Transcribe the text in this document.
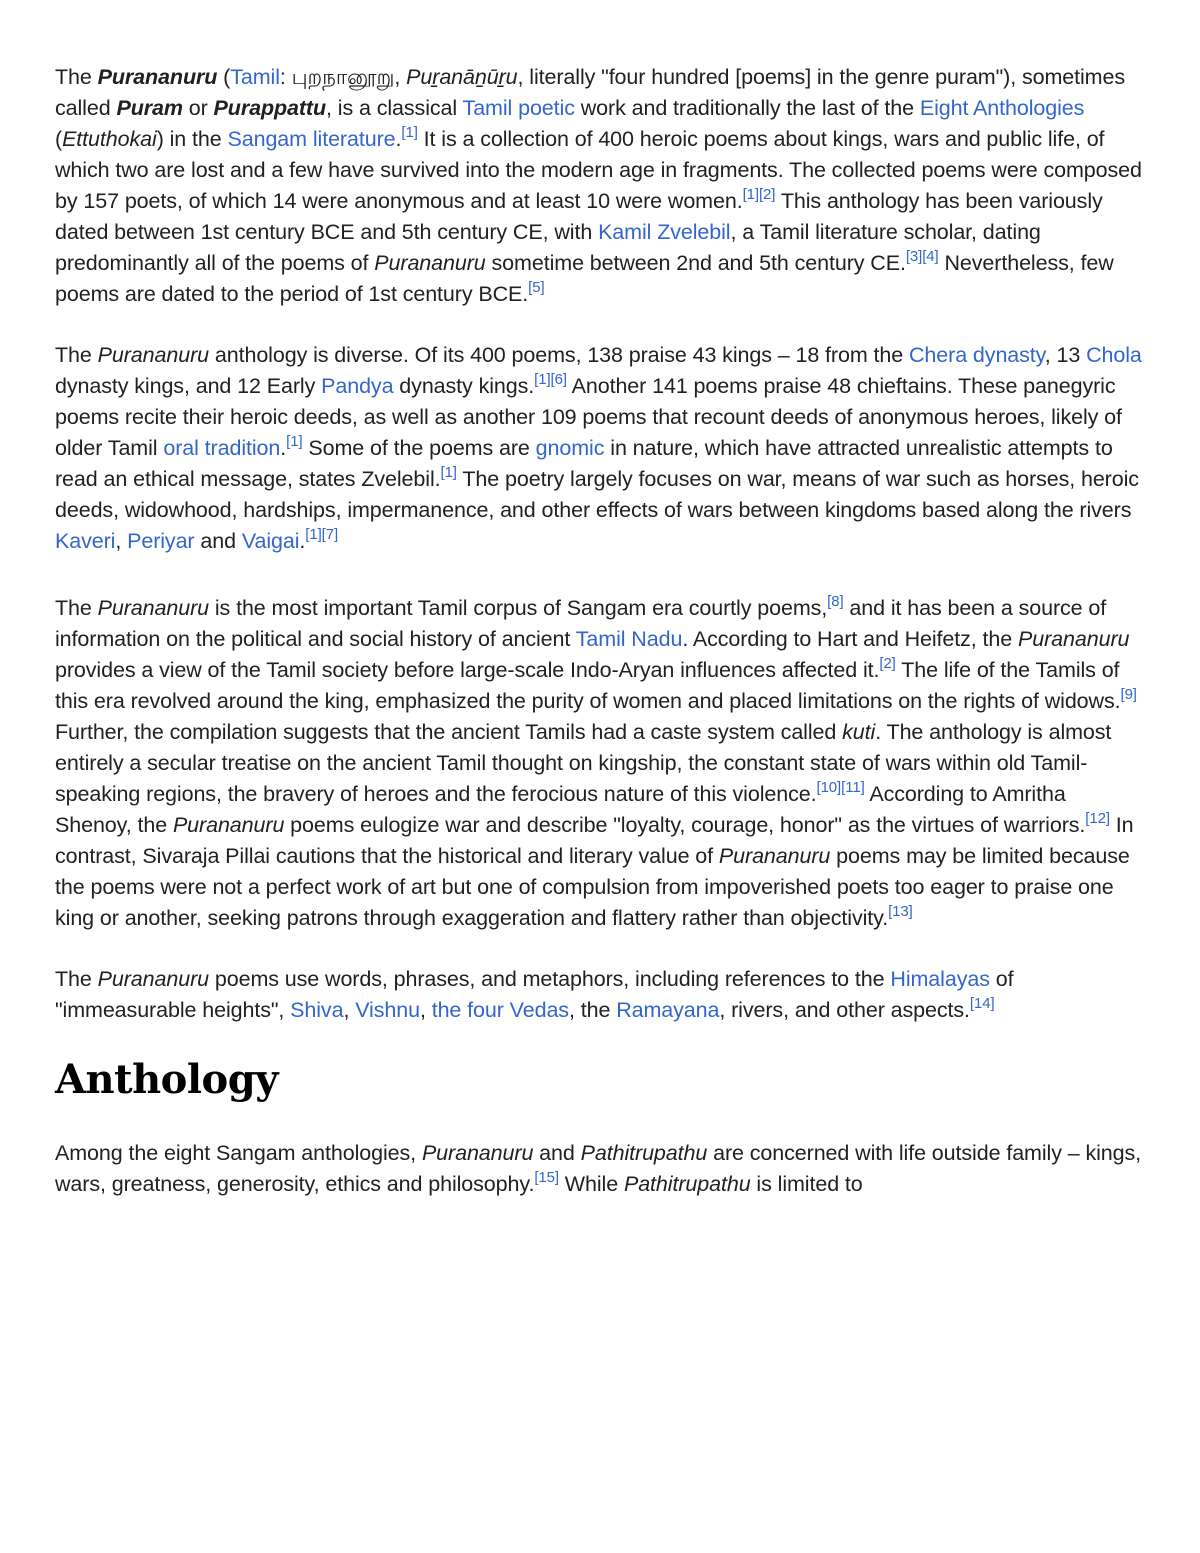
The Purananuru (Tamil: புறநானூறு, Puṟanāṉūṟu, literally "four hundred [poems] in the genre puram"), sometimes called Puram or Purappattu, is a classical Tamil poetic work and traditionally the last of the Eight Anthologies (Ettuthokai) in the Sangam literature.[1] It is a collection of 400 heroic poems about kings, wars and public life, of which two are lost and a few have survived into the modern age in fragments. The collected poems were composed by 157 poets, of which 14 were anonymous and at least 10 were women.[1][2] This anthology has been variously dated between 1st century BCE and 5th century CE, with Kamil Zvelebil, a Tamil literature scholar, dating predominantly all of the poems of Purananuru sometime between 2nd and 5th century CE.[3][4] Nevertheless, few poems are dated to the period of 1st century BCE.[5]

The Purananuru anthology is diverse. Of its 400 poems, 138 praise 43 kings – 18 from the Chera dynasty, 13 Chola dynasty kings, and 12 Early Pandya dynasty kings.[1][6] Another 141 poems praise 48 chieftains. These panegyric poems recite their heroic deeds, as well as another 109 poems that recount deeds of anonymous heroes, likely of older Tamil oral tradition.[1] Some of the poems are gnomic in nature, which have attracted unrealistic attempts to read an ethical message, states Zvelebil.[1] The poetry largely focuses on war, means of war such as horses, heroic deeds, widowhood, hardships, impermanence, and other effects of wars between kingdoms based along the rivers Kaveri, Periyar and Vaigai.[1][7]

The Purananuru is the most important Tamil corpus of Sangam era courtly poems,[8] and it has been a source of information on the political and social history of ancient Tamil Nadu. According to Hart and Heifetz, the Purananuru provides a view of the Tamil society before large-scale Indo-Aryan influences affected it.[2] The life of the Tamils of this era revolved around the king, emphasized the purity of women and placed limitations on the rights of widows.[9] Further, the compilation suggests that the ancient Tamils had a caste system called kuti. The anthology is almost entirely a secular treatise on the ancient Tamil thought on kingship, the constant state of wars within old Tamil-speaking regions, the bravery of heroes and the ferocious nature of this violence.[10][11] According to Amritha Shenoy, the Purananuru poems eulogize war and describe "loyalty, courage, honor" as the virtues of warriors.[12] In contrast, Sivaraja Pillai cautions that the historical and literary value of Purananuru poems may be limited because the poems were not a perfect work of art but one of compulsion from impoverished poets too eager to praise one king or another, seeking patrons through exaggeration and flattery rather than objectivity.[13]

The Purananuru poems use words, phrases, and metaphors, including references to the Himalayas of "immeasurable heights", Shiva, Vishnu, the four Vedas, the Ramayana, rivers, and other aspects.[14]

Anthology

Among the eight Sangam anthologies, Purananuru and Pathitrupathu are concerned with life outside family – kings, wars, greatness, generosity, ethics and philosophy.[15] While Pathitrupathu is limited to
